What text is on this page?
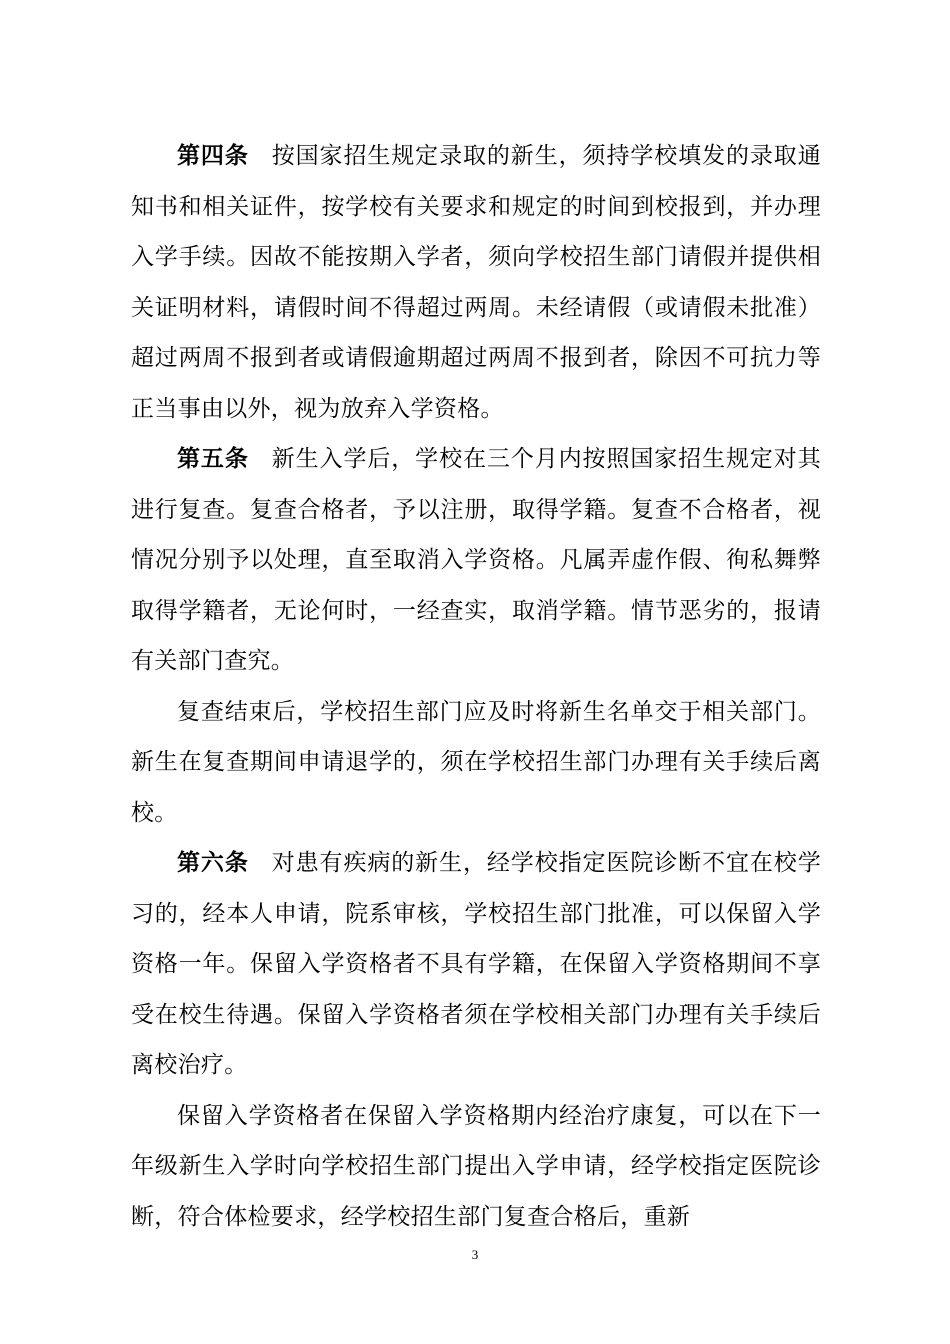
第四条 按国家招生规定录取的新生，须持学校填发的录取通知书和相关证件，按学校有关要求和规定的时间到校报到，并办理入学手续。因故不能按期入学者，须向学校招生部门请假并提供相关证明材料，请假时间不得超过两周。未经请假（或请假未批准）超过两周不报到者或请假逾期超过两周不报到者，除因不可抗力等正当事由以外，视为放弃入学资格。

第五条 新生入学后，学校在三个月内按照国家招生规定对其进行复查。复查合格者，予以注册，取得学籍。复查不合格者，视情况分别予以处理，直至取消入学资格。凡属弄虚作假、徇私舞弊取得学籍者，无论何时，一经查实，取消学籍。情节恶劣的，报请有关部门查究。

复查结束后，学校招生部门应及时将新生名单交于相关部门。新生在复查期间申请退学的，须在学校招生部门办理有关手续后离校。

第六条 对患有疾病的新生，经学校指定医院诊断不宜在校学习的，经本人申请，院系审核，学校招生部门批准，可以保留入学资格一年。保留入学资格者不具有学籍，在保留入学资格期间不享受在校生待遇。保留入学资格者须在学校相关部门办理有关手续后离校治疗。

保留入学资格者在保留入学资格期内经治疗康复，可以在下一年级新生入学时向学校招生部门提出入学申请，经学校指定医院诊断，符合体检要求，经学校招生部门复查合格后，重新

3
